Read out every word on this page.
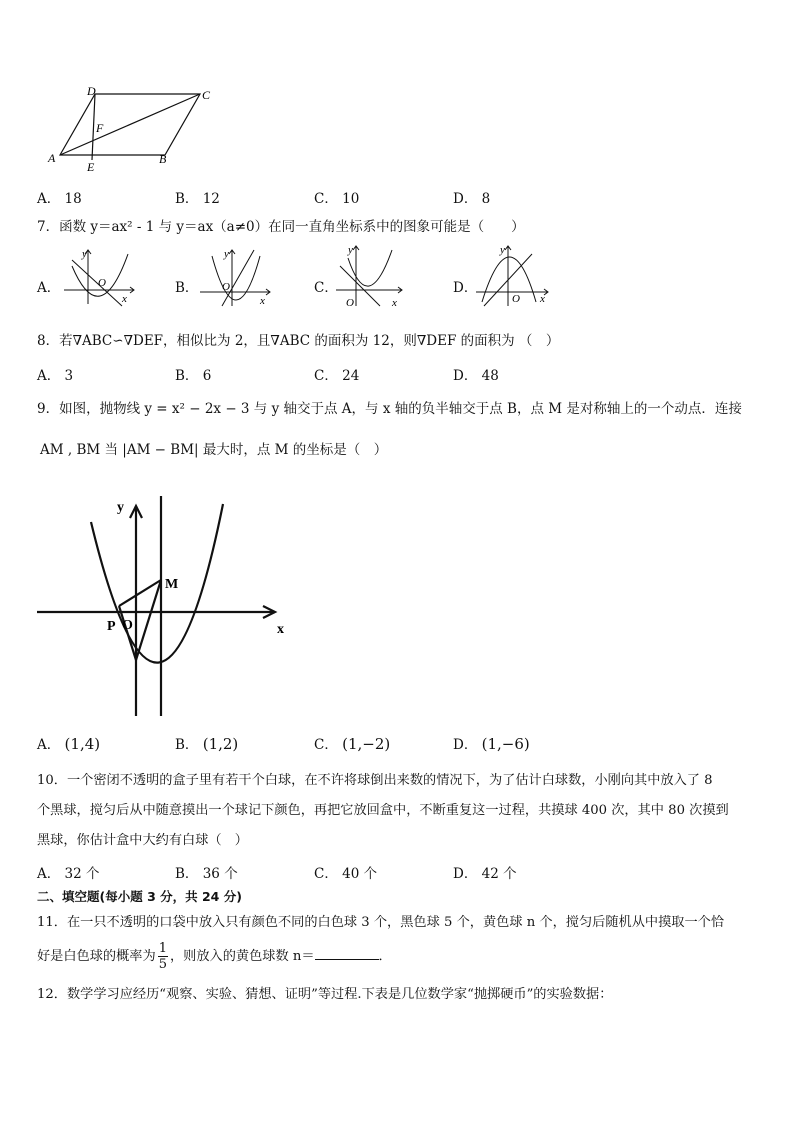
D	C
F
A
E
B
A． 18	B． 12	C． 10	D． 8
7．函数 y＝ax² - 1 与 y＝ax（a≠0）在同一直角坐标系中的图象可能是（　　）
A．
y
O
x
B．
y
O
x
C．
y
O	x
D．
y
O x
8．若∇ABC∽∇DEF，相似比为 2，且∇ABC 的面积为 12，则∇DEF 的面积为 （　）
A． 3	B． 6	C． 24	D． 48
9．如图，抛物线 y = x² − 2x − 3 与 y 轴交于点 A，与 x 轴的负半轴交于点 B，点 M 是对称轴上的一个动点．连接
AM , BM 当 |AM − BM| 最大时，点 M 的坐标是（　）
y
x
M
P O
A． (1,4)	B． (1,2)	C． (1,−2)	D． (1,−6)
10．一个密闭不透明的盒子里有若干个白球，在不许将球倒出来数的情况下，为了估计白球数，小刚向其中放入了 8
个黑球，搅匀后从中随意摸出一个球记下颜色，再把它放回盒中，不断重复这一过程，共摸球 400 次，其中 80 次摸到
黑球，你估计盒中大约有白球（　）
A． 32 个	B． 36 个	C． 40 个	D． 42 个
二、填空题(每小题 3 分，共 24 分)
11．在一只不透明的口袋中放入只有颜色不同的白色球 3 个，黑色球 5 个，黄色球 n 个，搅匀后随机从中摸取一个恰
好是白色球的概率为 $\frac{1}{5}$ ，则放入的黄色球数 n＝	．
12．数学学习应经历“观察、实验、猜想、证明”等过程.下表是几位数学家“抛掷硬币”的实验数据：
